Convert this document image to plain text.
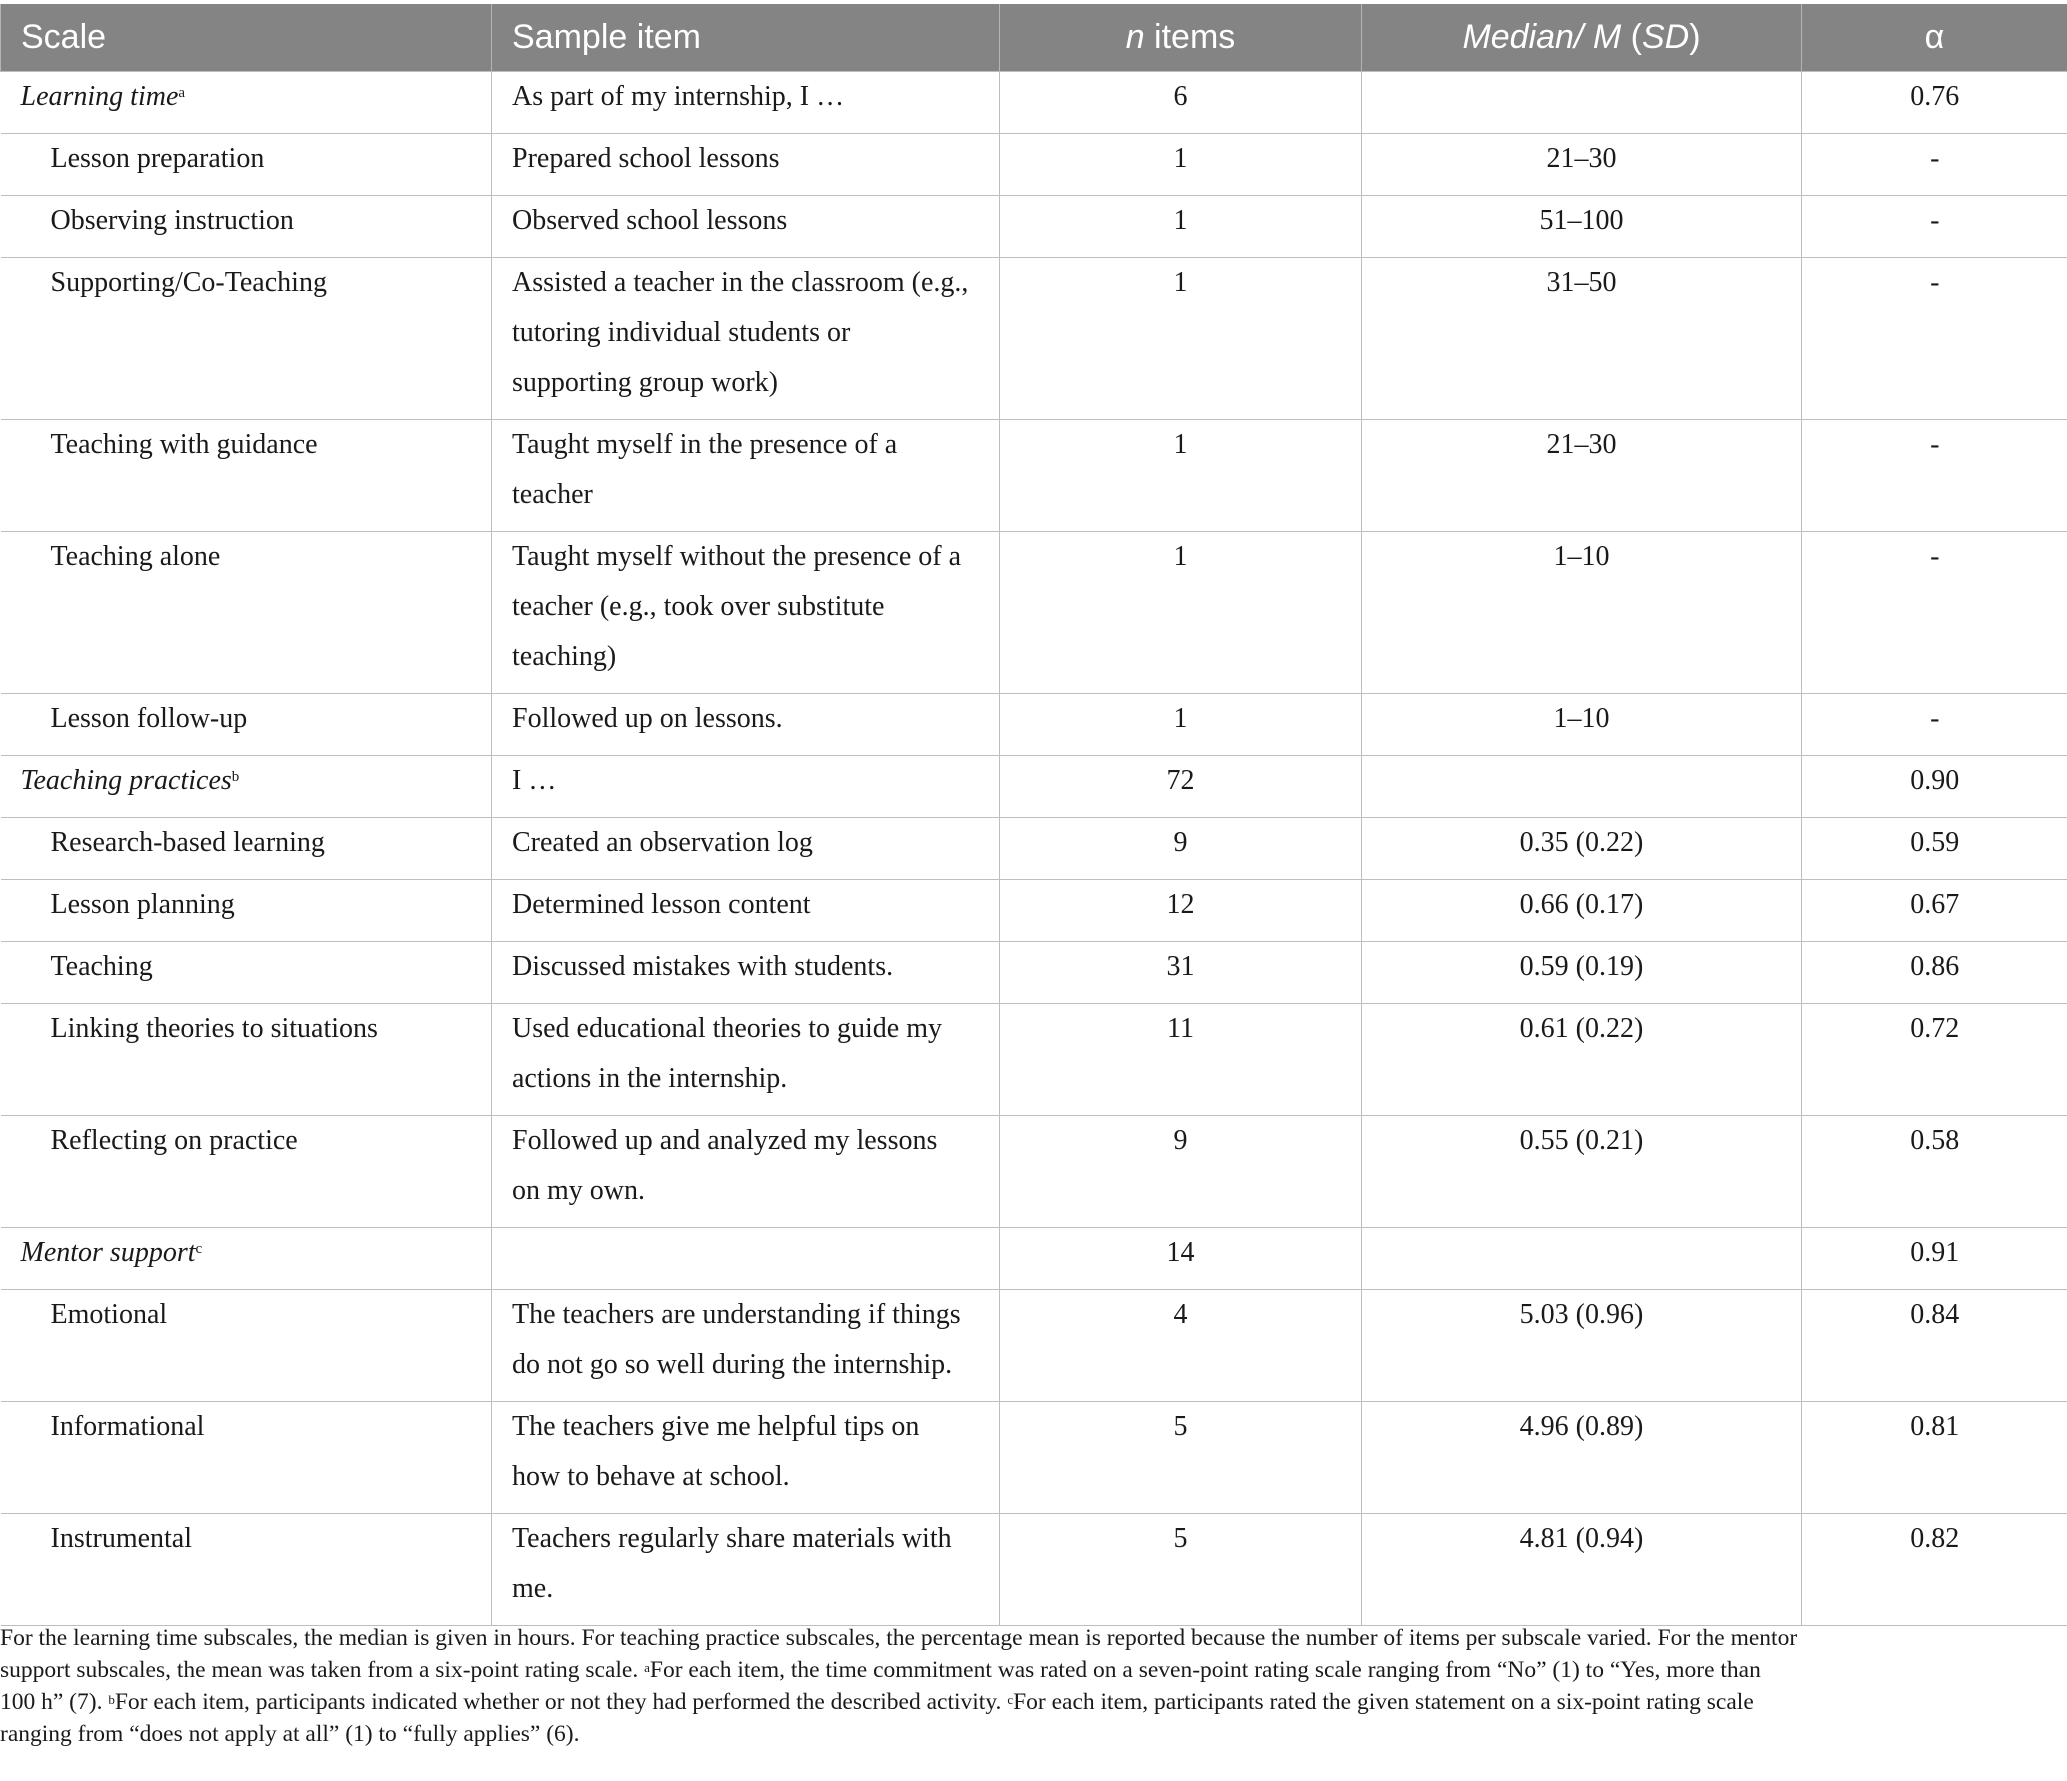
Scale	Sample item	n items	Median/ M (SD)	α

Learning time$^a$	As part of my internship, I …	6		0.76

Lesson preparation	Prepared school lessons	1	21–30	-

Observing instruction	Observed school lessons	1	51–100	-

Supporting/Co-Teaching	Assisted a teacher in the classroom (e.g.,
tutoring individual students or
supporting group work)	1	31–50	-

Teaching with guidance	Taught myself in the presence of a
teacher	1	21–30	-

Teaching alone	Taught myself without the presence of a
teacher (e.g., took over substitute
teaching)	1	1–10	-

Lesson follow-up	Followed up on lessons.	1	1–10	-

Teaching practices$^b$	I …	72		0.90

Research-based learning	Created an observation log	9	0.35 (0.22)	0.59

Lesson planning	Determined lesson content	12	0.66 (0.17)	0.67

Teaching	Discussed mistakes with students.	31	0.59 (0.19)	0.86

Linking theories to situations	Used educational theories to guide my
actions in the internship.	11	0.61 (0.22)	0.72

Reflecting on practice	Followed up and analyzed my lessons
on my own.	9	0.55 (0.21)	0.58

Mentor support$^c$		14		0.91

Emotional	The teachers are understanding if things
do not go so well during the internship.	4	5.03 (0.96)	0.84

Informational	The teachers give me helpful tips on
how to behave at school.	5	4.96 (0.89)	0.81

Instrumental	Teachers regularly share materials with
me.	5	4.81 (0.94)	0.82

For the learning time subscales, the median is given in hours. For teaching practice subscales, the percentage mean is reported because the number of items per subscale varied. For the mentor
support subscales, the mean was taken from a six-point rating scale. $^a$For each item, the time commitment was rated on a seven-point rating scale ranging from “No” (1) to “Yes, more than
100 h” (7). $^b$For each item, participants indicated whether or not they had performed the described activity. $^c$For each item, participants rated the given statement on a six-point rating scale
ranging from “does not apply at all” (1) to “fully applies” (6).
